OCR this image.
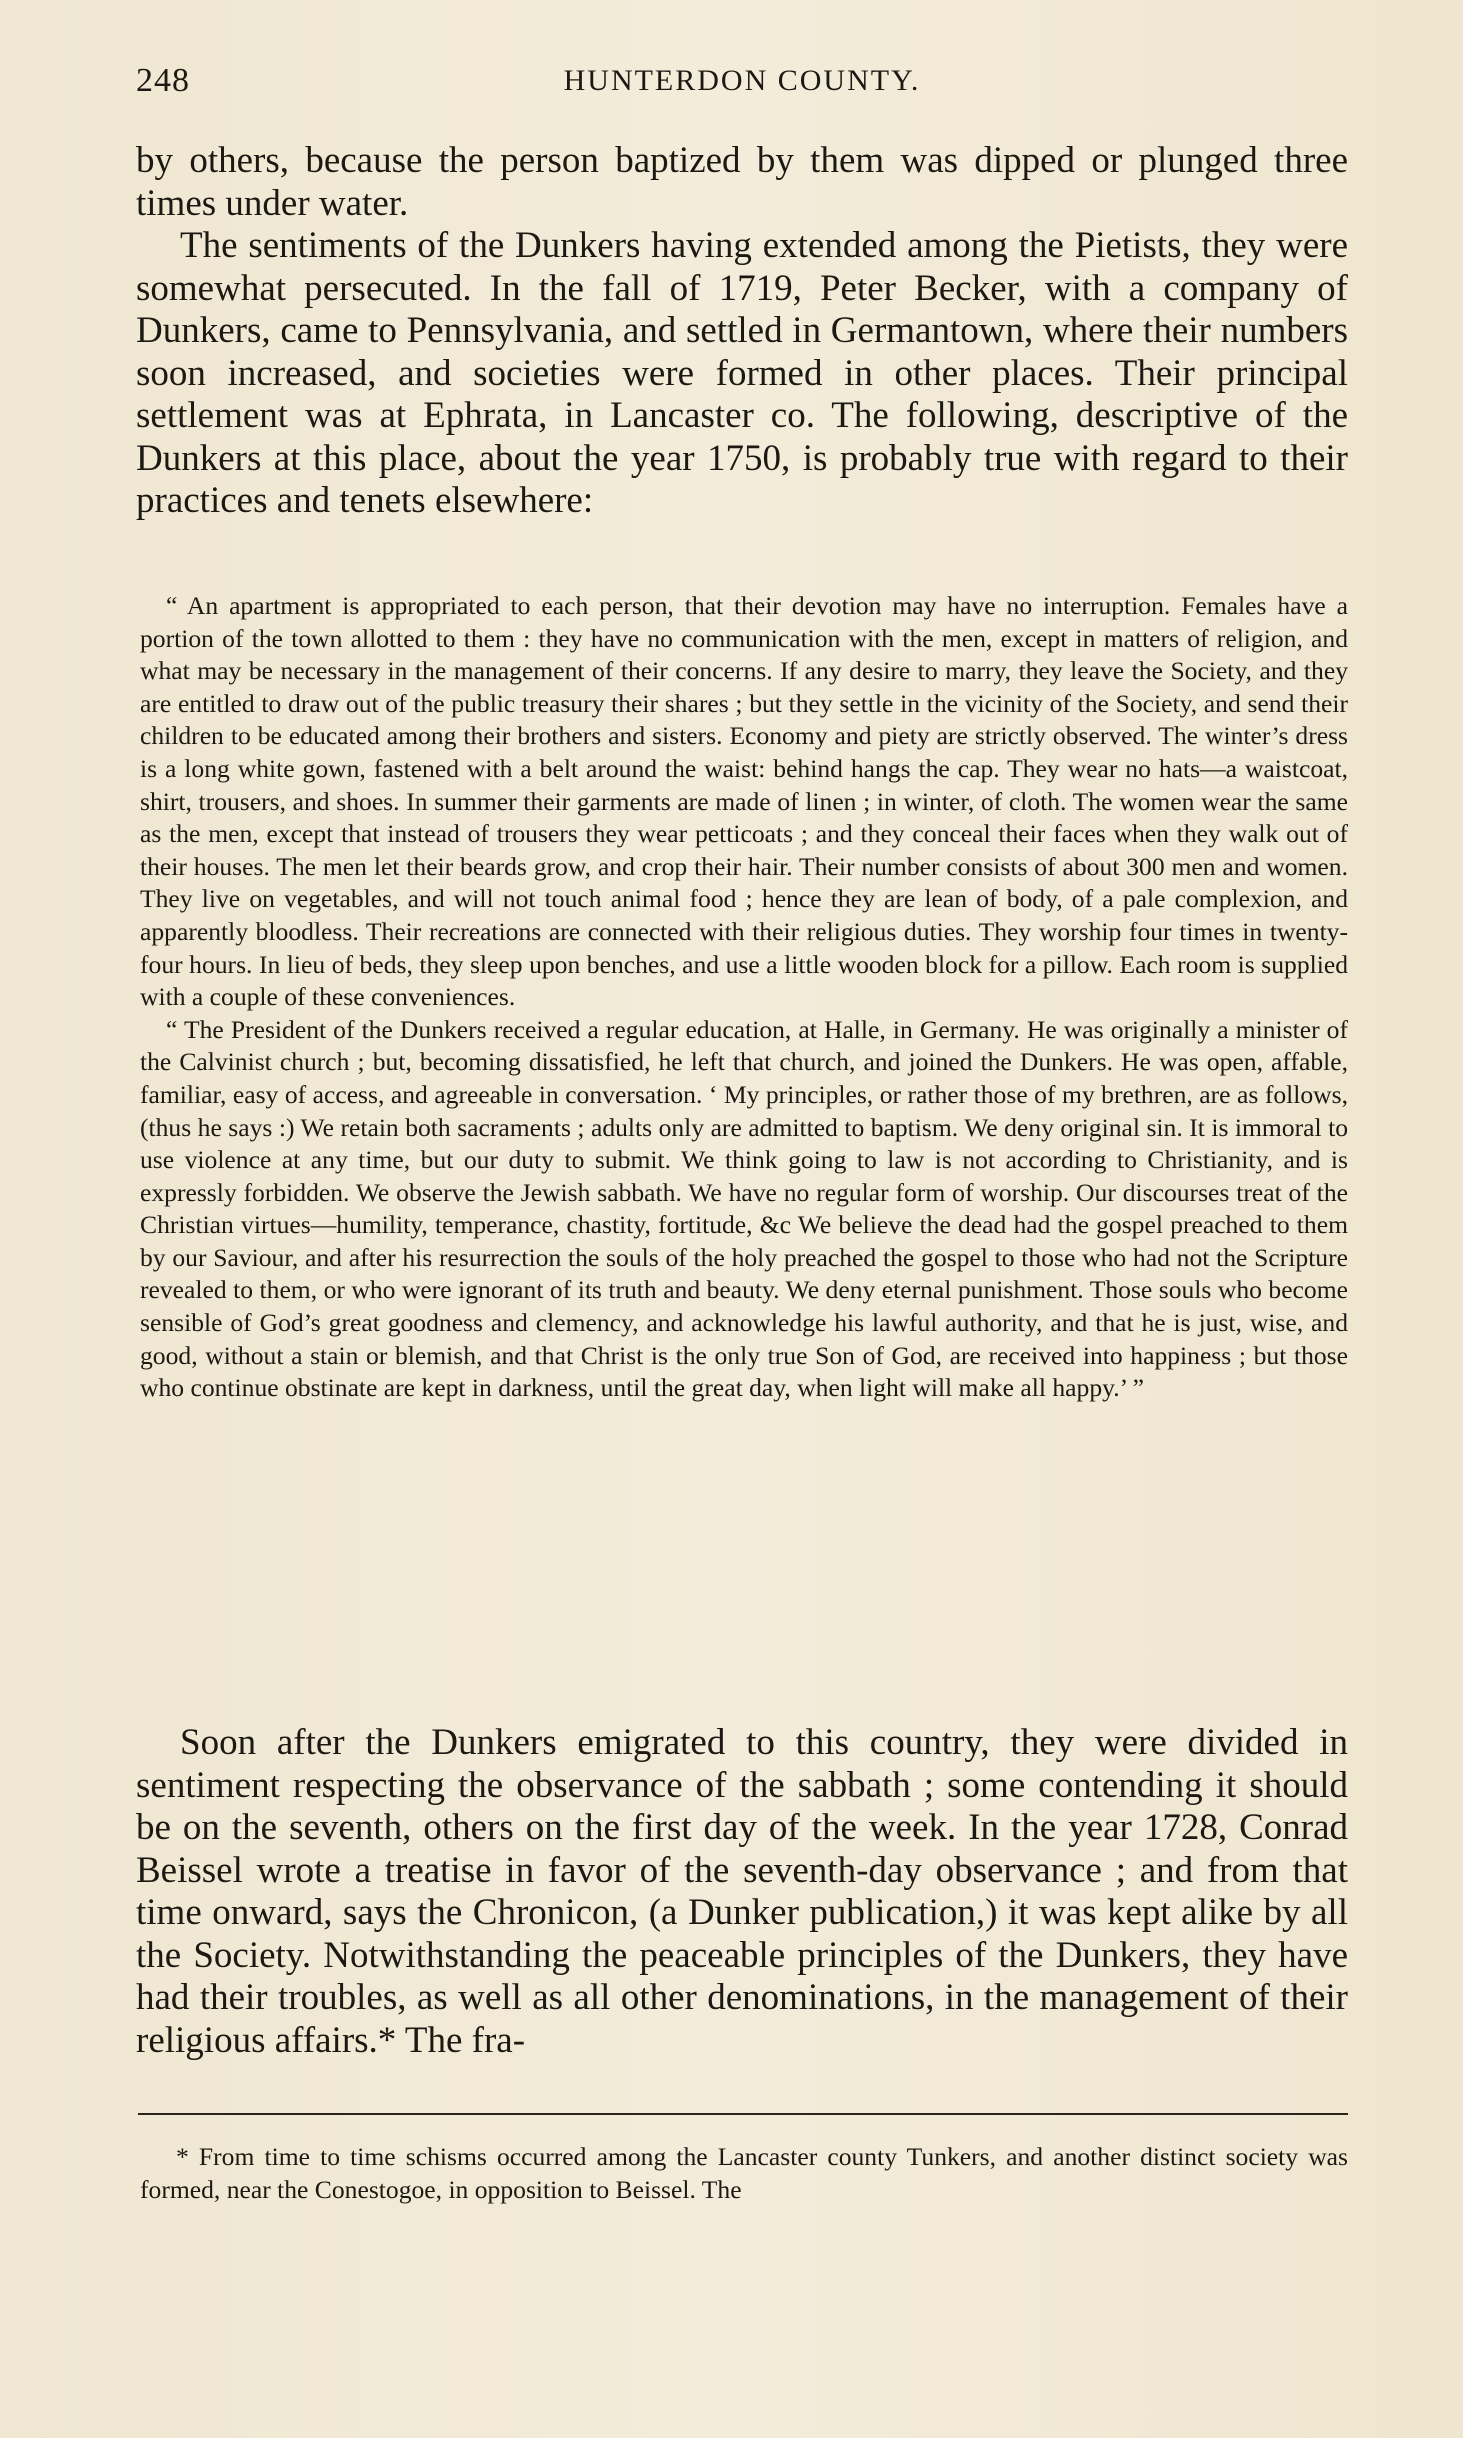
248	HUNTERDON COUNTY.

by others, because the person baptized by them was dipped or plunged three times under water.

The sentiments of the Dunkers having extended among the Pietists, they were somewhat persecuted. In the fall of 1719, Peter Becker, with a company of Dunkers, came to Pennsylvania, and settled in Germantown, where their numbers soon increased, and societies were formed in other places. Their principal settlement was at Ephrata, in Lancaster co. The following, descriptive of the Dunkers at this place, about the year 1750, is probably true with regard to their practices and tenets elsewhere:

“ An apartment is appropriated to each person, that their devotion may have no interruption. Females have a portion of the town allotted to them : they have no communication with the men, except in matters of religion, and what may be necessary in the management of their concerns. If any desire to marry, they leave the Society, and they are entitled to draw out of the public treasury their shares ; but they settle in the vicinity of the Society, and send their children to be educated among their brothers and sisters. Economy and piety are strictly observed. The winter’s dress is a long white gown, fastened with a belt around the waist: behind hangs the cap. They wear no hats—a waistcoat, shirt, trousers, and shoes. In summer their garments are made of linen ; in winter, of cloth. The women wear the same as the men, except that instead of trousers they wear petticoats ; and they conceal their faces when they walk out of their houses. The men let their beards grow, and crop their hair. Their number consists of about 300 men and women. They live on vegetables, and will not touch animal food ; hence they are lean of body, of a pale complexion, and apparently bloodless. Their recreations are connected with their religious duties. They worship four times in twenty-four hours. In lieu of beds, they sleep upon benches, and use a little wooden block for a pillow. Each room is supplied with a couple of these conveniences.

“ The President of the Dunkers received a regular education, at Halle, in Germany. He was originally a minister of the Calvinist church ; but, becoming dissatisfied, he left that church, and joined the Dunkers. He was open, affable, familiar, easy of access, and agreeable in conversation. ‘ My principles, or rather those of my brethren, are as follows, (thus he says :) We retain both sacraments ; adults only are admitted to baptism. We deny original sin. It is immoral to use violence at any time, but our duty to submit. We think going to law is not according to Christianity, and is expressly forbidden. We observe the Jewish sabbath. We have no regular form of worship. Our discourses treat of the Christian virtues—humility, temperance, chastity, fortitude, &c We believe the dead had the gospel preached to them by our Saviour, and after his resurrection the souls of the holy preached the gospel to those who had not the Scripture revealed to them, or who were ignorant of its truth and beauty. We deny eternal punishment. Those souls who become sensible of God’s great goodness and clemency, and acknowledge his lawful authority, and that he is just, wise, and good, without a stain or blemish, and that Christ is the only true Son of God, are received into happiness ; but those who continue obstinate are kept in darkness, until the great day, when light will make all happy.’ ”

Soon after the Dunkers emigrated to this country, they were divided in sentiment respecting the observance of the sabbath ; some contending it should be on the seventh, others on the first day of the week. In the year 1728, Conrad Beissel wrote a treatise in favor of the seventh-day observance ; and from that time onward, says the Chronicon, (a Dunker publication,) it was kept alike by all the Society. Notwithstanding the peaceable principles of the Dunkers, they have had their troubles, as well as all other denominations, in the management of their religious affairs.* The fra-

* From time to time schisms occurred among the Lancaster county Tunkers, and another distinct society was formed, near the Conestogoe, in opposition to Beissel. The
